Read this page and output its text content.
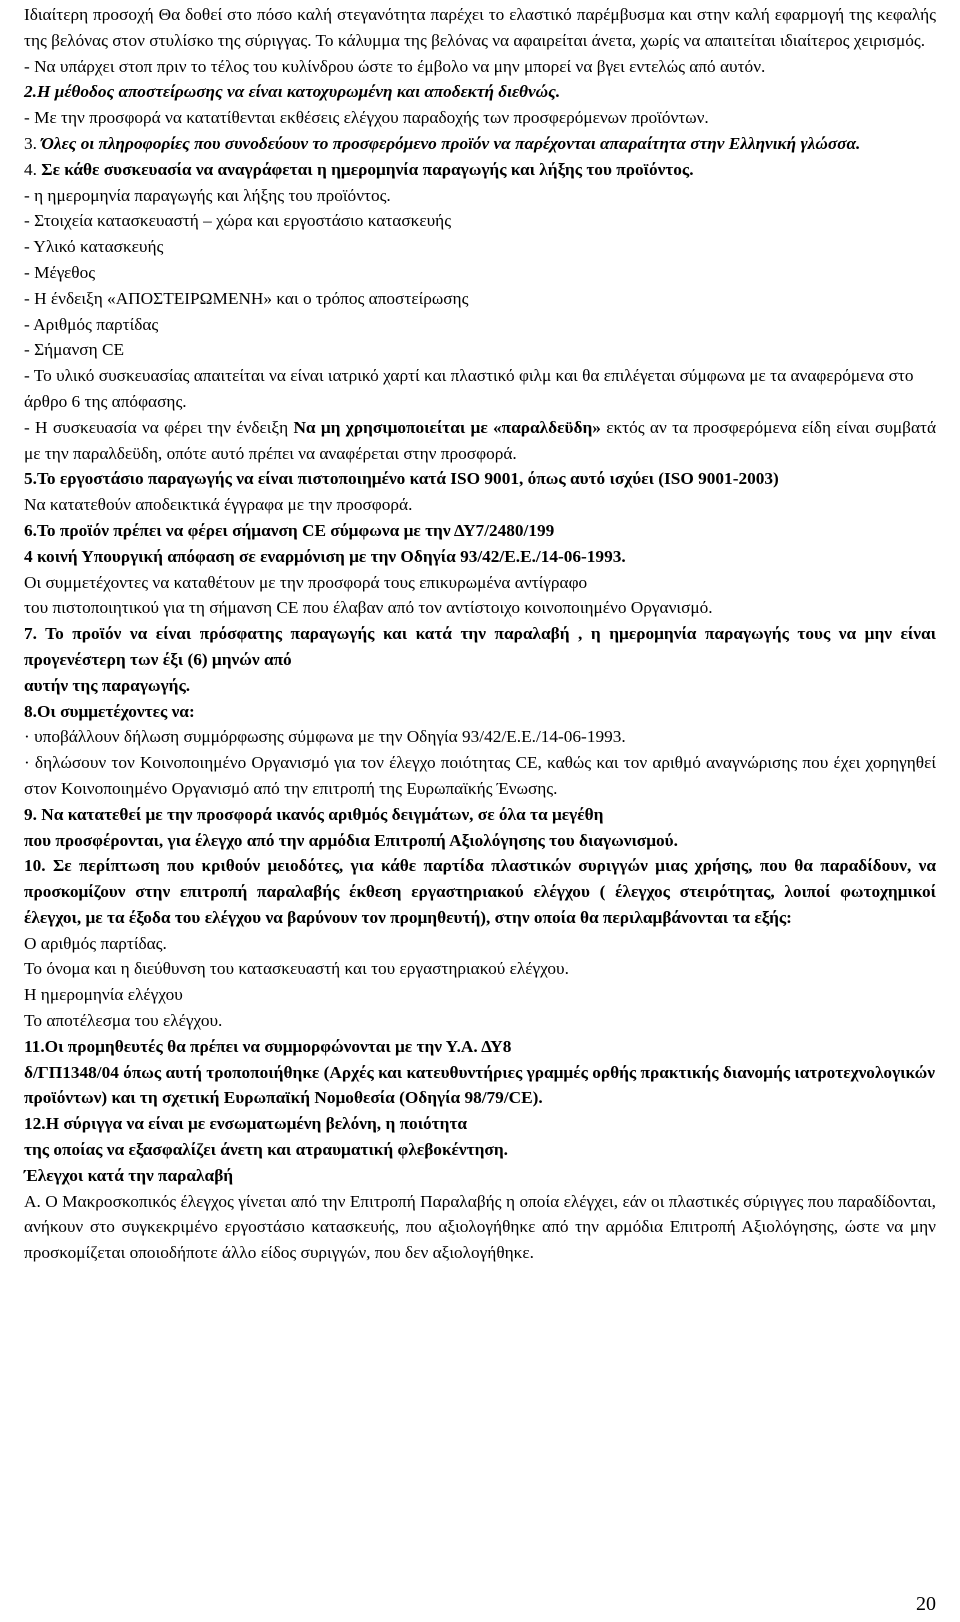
Ιδιαίτερη προσοχή Θα δοθεί στο πόσο καλή στεγανότητα παρέχει το ελαστικό παρέμβυσμα και στην καλή εφαρμογή της κεφαλής της βελόνας στον στυλίσκο της σύριγγας. Το κάλυμμα της βελόνας να αφαιρείται άνετα, χωρίς να απαιτείται ιδιαίτερος χειρισμός.

- Να υπάρχει στοπ πριν το τέλος του κυλίνδρου ώστε το έμβολο να μην μπορεί να βγει εντελώς από αυτόν.

2.Η μέθοδος αποστείρωσης να είναι κατοχυρωμένη και αποδεκτή διεθνώς.

- Με την προσφορά να κατατίθενται εκθέσεις ελέγχου παραδοχής των προσφερόμενων προϊόντων.

3. Όλες οι πληροφορίες που συνοδεύουν το προσφερόμενο προϊόν να παρέχονται απαραίτητα στην Ελληνική γλώσσα.

4. Σε κάθε συσκευασία να αναγράφεται η ημερομηνία παραγωγής και λήξης του προϊόντος.

- η ημερομηνία παραγωγής και λήξης του προϊόντος.

- Στοιχεία κατασκευαστή – χώρα και εργοστάσιο κατασκευής

- Υλικό κατασκευής

- Μέγεθος

- Η ένδειξη «ΑΠΟΣΤΕΙΡΩΜΕΝΗ» και ο τρόπος αποστείρωσης

- Αριθμός παρτίδας

- Σήμανση CE

- Το υλικό συσκευασίας απαιτείται να είναι ιατρικό χαρτί και πλαστικό φιλμ και θα επιλέγεται σύμφωνα με τα αναφερόμενα στο άρθρο 6 της απόφασης.

- Η συσκευασία να φέρει την ένδειξη Να μη χρησιμοποιείται με «παραλδεϋδη» εκτός αν τα προσφερόμενα είδη είναι συμβατά με την παραλδεϋδη, οπότε αυτό πρέπει να αναφέρεται στην προσφορά.

5.Το εργοστάσιο παραγωγής να είναι πιστοποιημένο κατά ISO 9001, όπως αυτό ισχύει (ISO 9001-2003)

Να κατατεθούν αποδεικτικά έγγραφα με την προσφορά.

6.Το προϊόν πρέπει να φέρει σήμανση CE σύμφωνα με την ΔΥ7/2480/199
4 κοινή Υπουργική απόφαση σε εναρμόνιση με την Οδηγία 93/42/Ε.Ε./14-06-1993.

Οι συμμετέχοντες να καταθέτουν με την προσφορά τους επικυρωμένα αντίγραφο
του πιστοποιητικού για τη σήμανση CE που έλαβαν από τον αντίστοιχο κοινοποιημένο Οργανισμό.

7. Το προϊόν να είναι πρόσφατης παραγωγής και κατά την παραλαβή , η ημερομηνία παραγωγής τους να μην είναι προγενέστερη των έξι (6) μηνών από

αυτήν της παραγωγής.

8.Οι συμμετέχοντες να:

· υποβάλλουν δήλωση συμμόρφωσης σύμφωνα με την Οδηγία 93/42/Ε.Ε./14-06-1993.

· δηλώσουν τον Κοινοποιημένο Οργανισμό για τον έλεγχο ποιότητας CE, καθώς και τον αριθμό αναγνώρισης που έχει χορηγηθεί στον Κοινοποιημένο Οργανισμό από την επιτροπή της Ευρωπαϊκής Ένωσης.

9. Να κατατεθεί με την προσφορά ικανός αριθμός δειγμάτων, σε όλα τα μεγέθη
που προσφέρονται, για έλεγχο από την αρμόδια Επιτροπή Αξιολόγησης του διαγωνισμού.

10. Σε περίπτωση που κριθούν μειοδότες, για κάθε παρτίδα πλαστικών συριγγών μιας χρήσης, που θα παραδίδουν, να προσκομίζουν στην επιτροπή παραλαβής έκθεση εργαστηριακού ελέγχου ( έλεγχος στειρότητας, λοιποί φωτοχημικοί έλεγχοι, με τα έξοδα του ελέγχου να βαρύνουν τον προμηθευτή), στην οποία θα περιλαμβάνονται τα εξής:

Ο αριθμός παρτίδας.

Το όνομα και η διεύθυνση του κατασκευαστή και του εργαστηριακού ελέγχου.

Η ημερομηνία ελέγχου

Το αποτέλεσμα του ελέγχου.

11.Οι προμηθευτές θα πρέπει να συμμορφώνονται με την Υ.Α. ΔΥ8
δ/ΓΠ1348/04 όπως αυτή τροποποιήθηκε (Αρχές και κατευθυντήριες γραμμές ορθής πρακτικής διανομής ιατροτεχνολογικών προϊόντων) και τη σχετική Ευρωπαϊκή Νομοθεσία (Οδηγία 98/79/CE).

12.Η σύριγγα να είναι με ενσωματωμένη βελόνη, η ποιότητα
της οποίας να εξασφαλίζει άνετη και ατραυματική φλεβοκέντηση.

Έλεγχοι κατά την παραλαβή

Α. Ο Μακροσκοπικός έλεγχος γίνεται από την Επιτροπή Παραλαβής η οποία ελέγχει, εάν οι πλαστικές σύριγγες που παραδίδονται, ανήκουν στο συγκεκριμένο εργοστάσιο κατασκευής, που αξιολογήθηκε από την αρμόδια Επιτροπή Αξιολόγησης, ώστε να μην προσκομίζεται οποιοδήποτε άλλο είδος συριγγών, που δεν αξιολογήθηκε.

20
